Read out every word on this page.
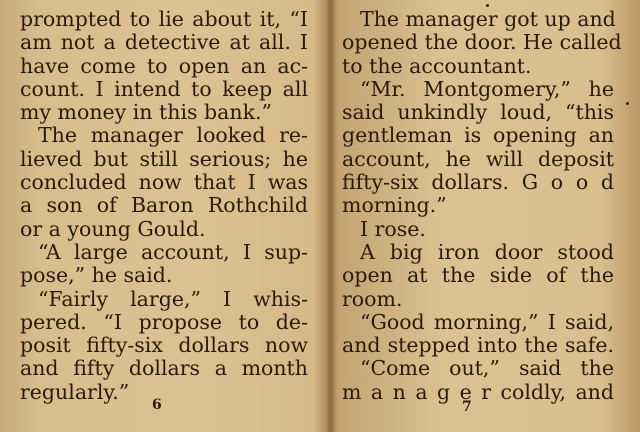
prompted to lie about it, “I
am not a detective at all. I
have come to open an ac-
count. I intend to keep all
my money in this bank.”
The manager looked re-
lieved but still serious; he
concluded now that I was
a son of Baron Rothchild
or a young Gould.
“A large account, I sup-
pose,” he said.
“Fairly large,” I whis-
pered. “I propose to de-
posit fifty-six dollars now
and fifty dollars a month
regularly.”
6
The manager got up and
opened the door. He called
to the accountant.
“Mr. Montgomery,” he
said unkindly loud, “this
gentleman is opening an
account, he will deposit
fifty-six dollars. G o o d
morning.”
I rose.
A big iron door stood
open at the side of the
room.
“Good morning,” I said,
and stepped into the safe.
“Come out,” said the
m a n a g e r coldly, and
7
